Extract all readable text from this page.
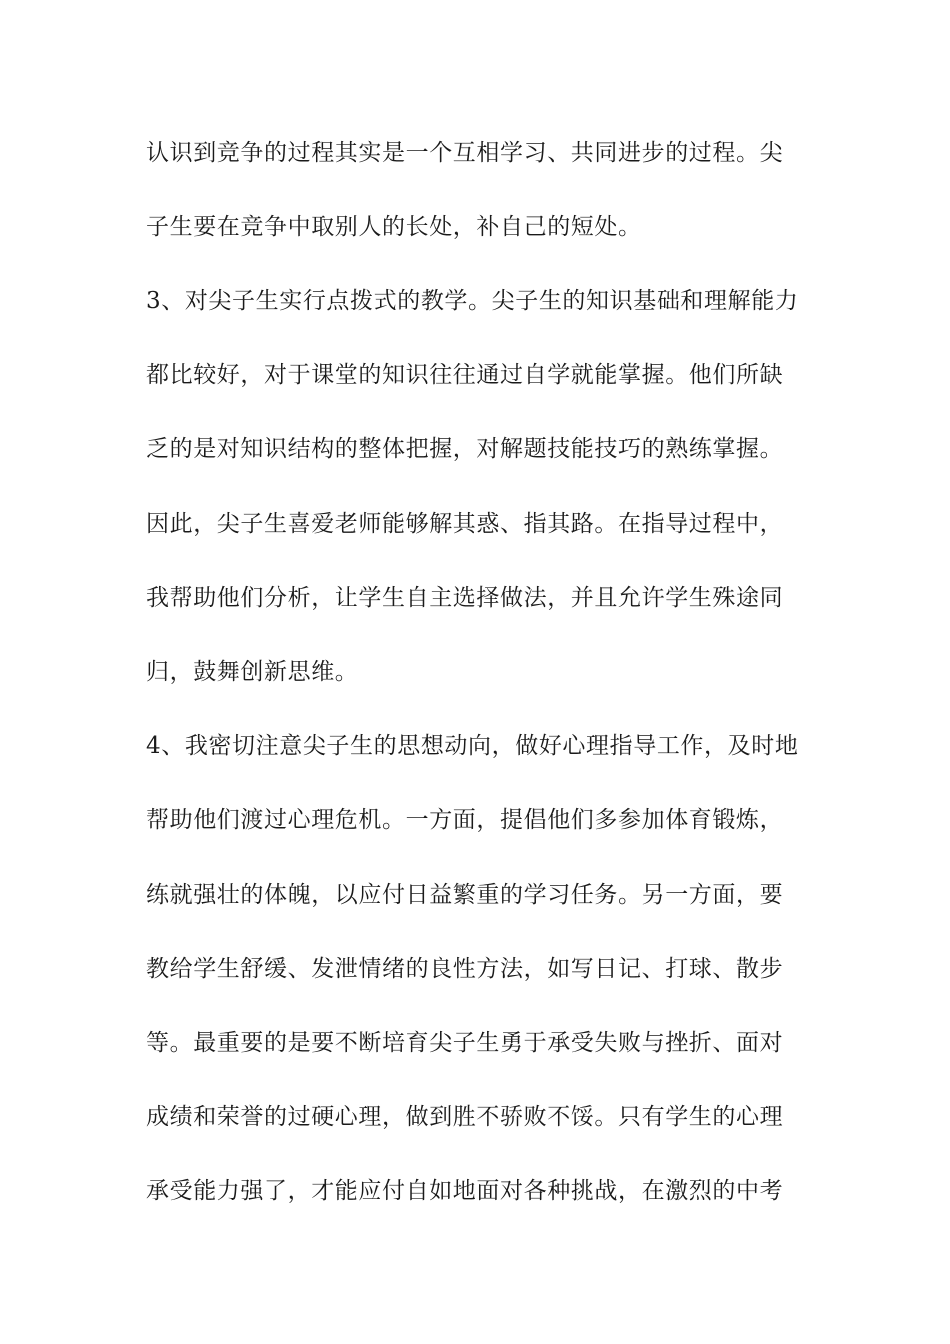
认识到竞争的过程其实是一个互相学习、共同进步的过程。尖
子生要在竞争中取别人的长处，补自己的短处。
3、对尖子生实行点拨式的教学。尖子生的知识基础和理解能力
都比较好，对于课堂的知识往往通过自学就能掌握。他们所缺
乏的是对知识结构的整体把握，对解题技能技巧的熟练掌握。
因此，尖子生喜爱老师能够解其惑、指其路。在指导过程中，
我帮助他们分析，让学生自主选择做法，并且允许学生殊途同
归，鼓舞创新思维。
4、我密切注意尖子生的思想动向，做好心理指导工作，及时地
帮助他们渡过心理危机。一方面，提倡他们多参加体育锻炼，
练就强壮的体魄，以应付日益繁重的学习任务。另一方面，要
教给学生舒缓、发泄情绪的良性方法，如写日记、打球、散步
等。最重要的是要不断培育尖子生勇于承受失败与挫折、面对
成绩和荣誉的过硬心理，做到胜不骄败不馁。只有学生的心理
承受能力强了，才能应付自如地面对各种挑战，在激烈的中考
